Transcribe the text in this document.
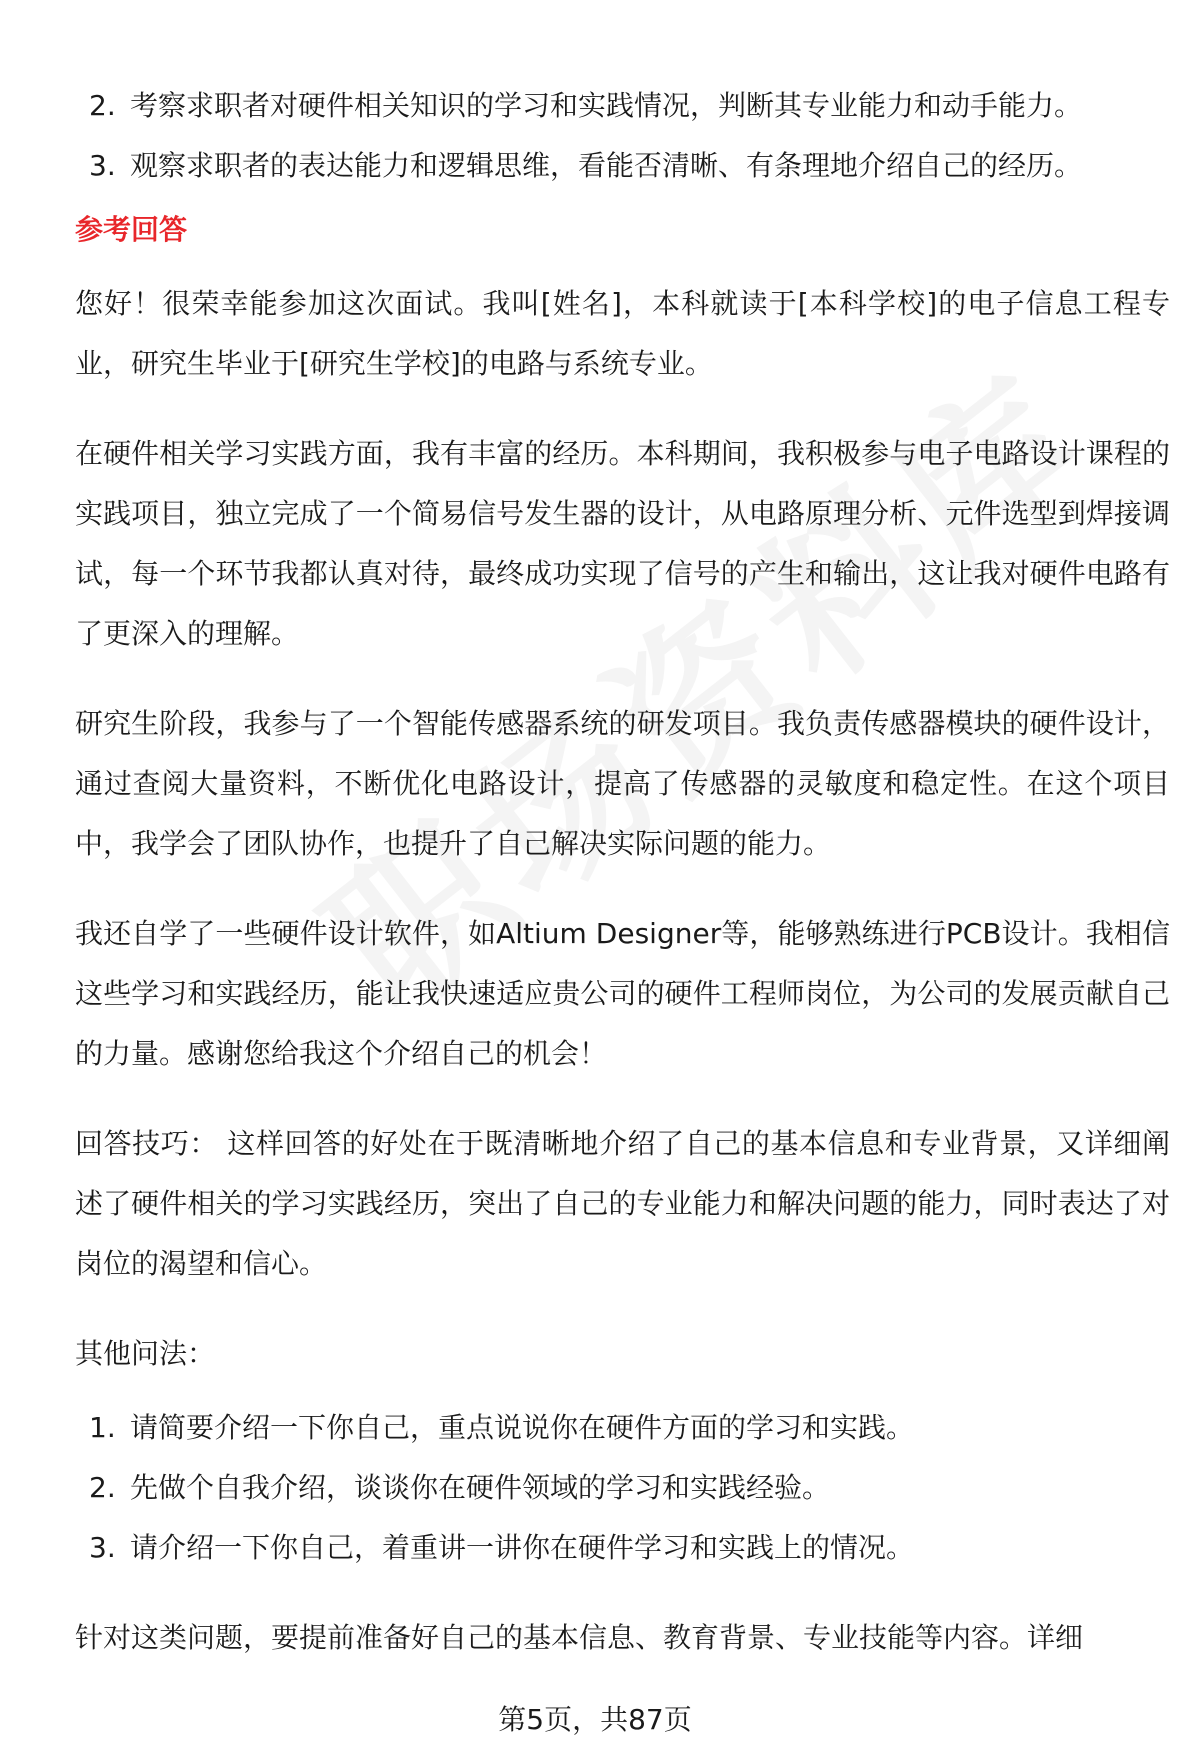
2. 考察求职者对硬件相关知识的学习和实践情况，判断其专业能力和动手能力。
3. 观察求职者的表达能力和逻辑思维，看能否清晰、有条理地介绍自己的经历。
参考回答

您好！很荣幸能参加这次面试。我叫[姓名]，本科就读于[本科学校]的电子信息工程专业，研究生毕业于[研究生学校]的电路与系统专业。

在硬件相关学习实践方面，我有丰富的经历。本科期间，我积极参与电子电路设计课程的实践项目，独立完成了一个简易信号发生器的设计，从电路原理分析、元件选型到焊接调试，每一个环节我都认真对待，最终成功实现了信号的产生和输出，这让我对硬件电路有了更深入的理解。

研究生阶段，我参与了一个智能传感器系统的研发项目。我负责传感器模块的硬件设计，通过查阅大量资料，不断优化电路设计，提高了传感器的灵敏度和稳定性。在这个项目中，我学会了团队协作，也提升了自己解决实际问题的能力。

我还自学了一些硬件设计软件，如Altium Designer等，能够熟练进行PCB设计。我相信这些学习和实践经历，能让我快速适应贵公司的硬件工程师岗位，为公司的发展贡献自己的力量。感谢您给我这个介绍自己的机会！

回答技巧： 这样回答的好处在于既清晰地介绍了自己的基本信息和专业背景，又详细阐述了硬件相关的学习实践经历，突出了自己的专业能力和解决问题的能力，同时表达了对岗位的渴望和信心。

其他问法：

1. 请简要介绍一下你自己，重点说说你在硬件方面的学习和实践。
2. 先做个自我介绍，谈谈你在硬件领域的学习和实践经验。
3. 请介绍一下你自己，着重讲一讲你在硬件学习和实践上的情况。
针对这类问题，要提前准备好自己的基本信息、教育背景、专业技能等内容。详细
第5页，共87页
